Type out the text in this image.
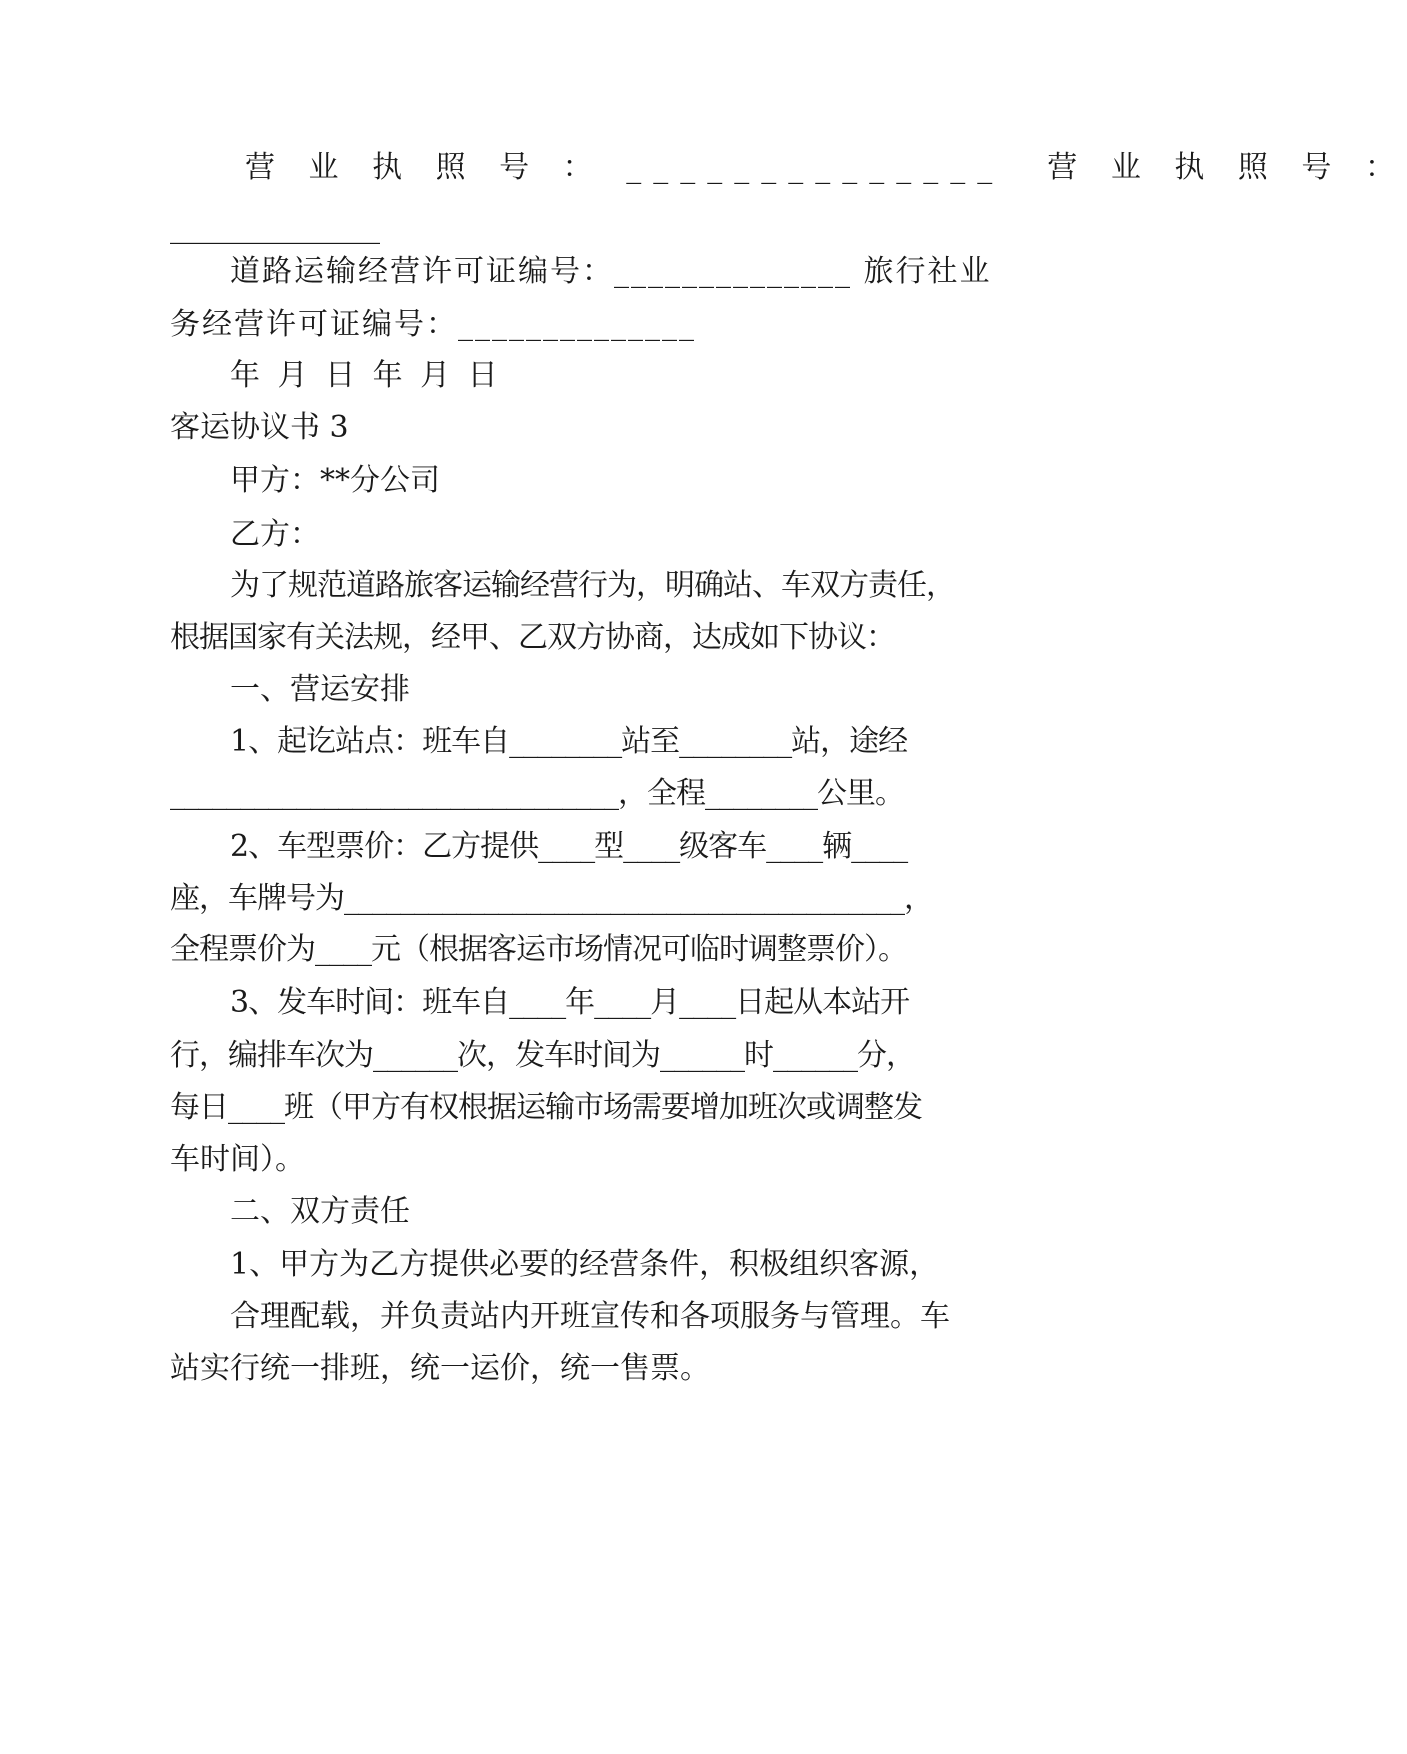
营 业 执 照 号 ： ______________  营 业 执 照 号 ：
______________
道路运输经营许可证编号：______________ 旅行社业
务经营许可证编号：______________
年 月 日 年 月 日
客运协议书 3
甲方：**分公司
乙方：
为了规范道路旅客运输经营行为，明确站、车双方责任，
根据国家有关法规，经甲、乙双方协商，达成如下协议：
一、营运安排
1、起讫站点：班车自________站至________站，途经
________________________________，全程________公里。
2、车型票价：乙方提供____型____级客车____辆____
座，车牌号为________________________________________，
全程票价为____元（根据客运市场情况可临时调整票价）。
3、发车时间：班车自____年____月____日起从本站开
行，编排车次为______次，发车时间为______时______分，
每日____班（甲方有权根据运输市场需要增加班次或调整发
车时间）。
二、双方责任
1、甲方为乙方提供必要的经营条件，积极组织客源，
合理配载，并负责站内开班宣传和各项服务与管理。车
站实行统一排班，统一运价，统一售票。
